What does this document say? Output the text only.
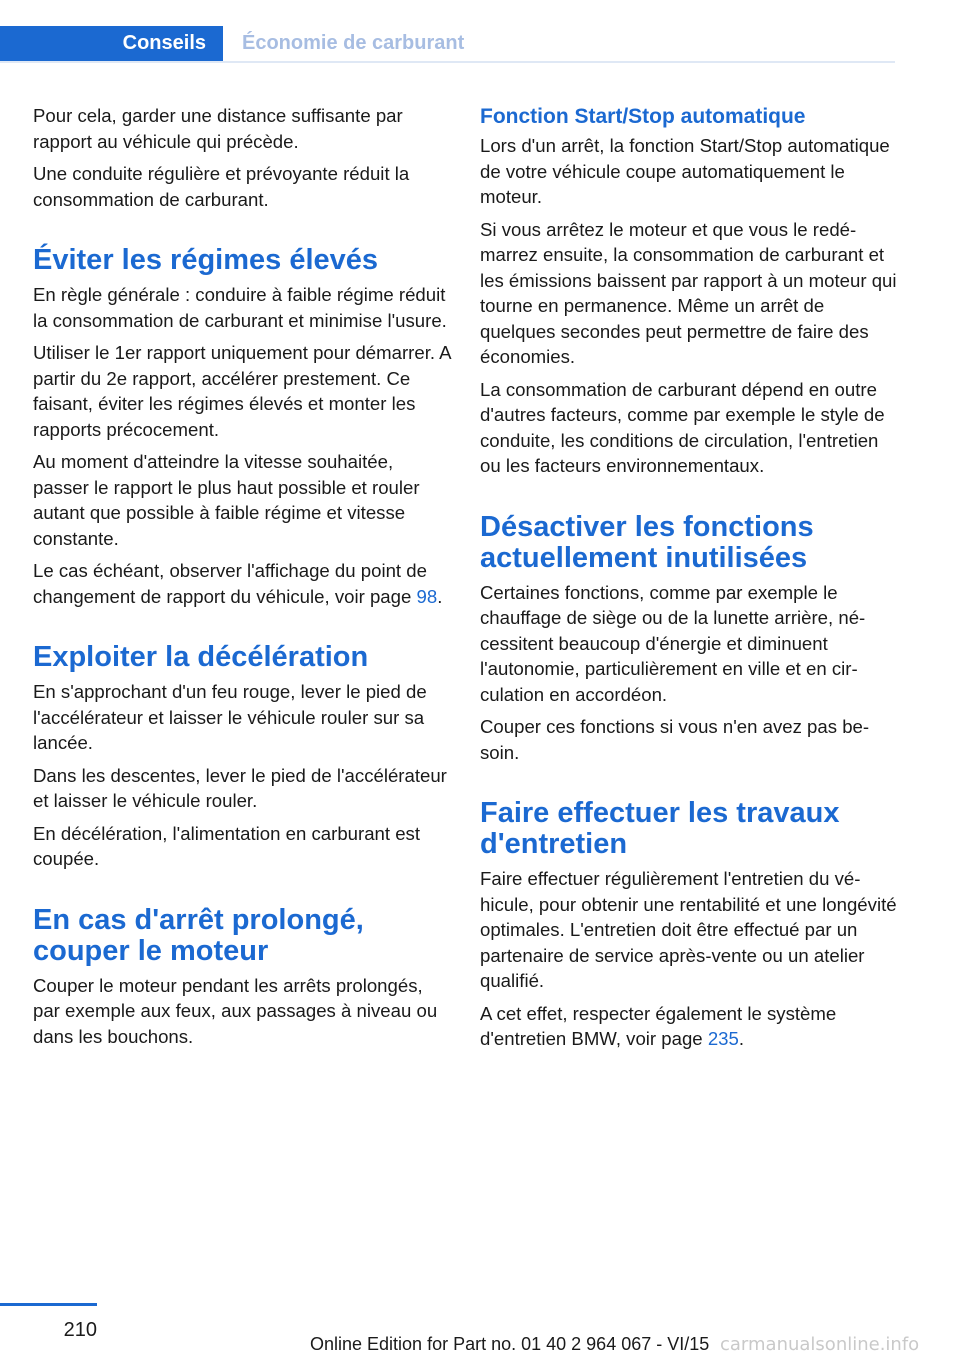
Conseils	Économie de carburant

Pour cela, garder une distance suffisante par rapport au véhicule qui précède.

Une conduite régulière et prévoyante réduit la consommation de carburant.

Éviter les régimes élevés

En règle générale : conduire à faible régime réduit la consommation de carburant et minimise l'usure.

Utiliser le 1er rapport uniquement pour démarrer. A partir du 2e rapport, accélérer prestement. Ce faisant, éviter les régimes élevés et monter les rapports précocement.

Au moment d'atteindre la vitesse souhaitée, passer le rapport le plus haut possible et rouler autant que possible à faible régime et vitesse constante.

Le cas échéant, observer l'affichage du point de changement de rapport du véhicule, voir page 98.

Exploiter la décélération

En s'approchant d'un feu rouge, lever le pied de l'accélérateur et laisser le véhicule rouler sur sa lancée.

Dans les descentes, lever le pied de l'accélérateur et laisser le véhicule rouler.

En décélération, l'alimentation en carburant est coupée.

En cas d'arrêt prolongé, couper le moteur

Couper le moteur pendant les arrêts prolongés, par exemple aux feux, aux passages à niveau ou dans les bouchons.

Fonction Start/Stop automatique

Lors d'un arrêt, la fonction Start/Stop automatique de votre véhicule coupe automatiquement le moteur.

Si vous arrêtez le moteur et que vous le redémarrez ensuite, la consommation de carburant et les émissions baissent par rapport à un moteur qui tourne en permanence. Même un arrêt de quelques secondes peut permettre de faire des économies.

La consommation de carburant dépend en outre d'autres facteurs, comme par exemple le style de conduite, les conditions de circulation, l'entretien ou les facteurs environnementaux.

Désactiver les fonctions actuellement inutilisées

Certaines fonctions, comme par exemple le chauffage de siège ou de la lunette arrière, nécessitent beaucoup d'énergie et diminuent l'autonomie, particulièrement en ville et en circulation en accordéon.

Couper ces fonctions si vous n'en avez pas besoin.

Faire effectuer les travaux d'entretien

Faire effectuer régulièrement l'entretien du véhicule, pour obtenir une rentabilité et une longévité optimales. L'entretien doit être effectué par un partenaire de service après-vente ou un atelier qualifié.

A cet effet, respecter également le système d'entretien BMW, voir page 235.

210
Online Edition for Part no. 01 40 2 964 067 - VI/15 carmanualsonline.info
